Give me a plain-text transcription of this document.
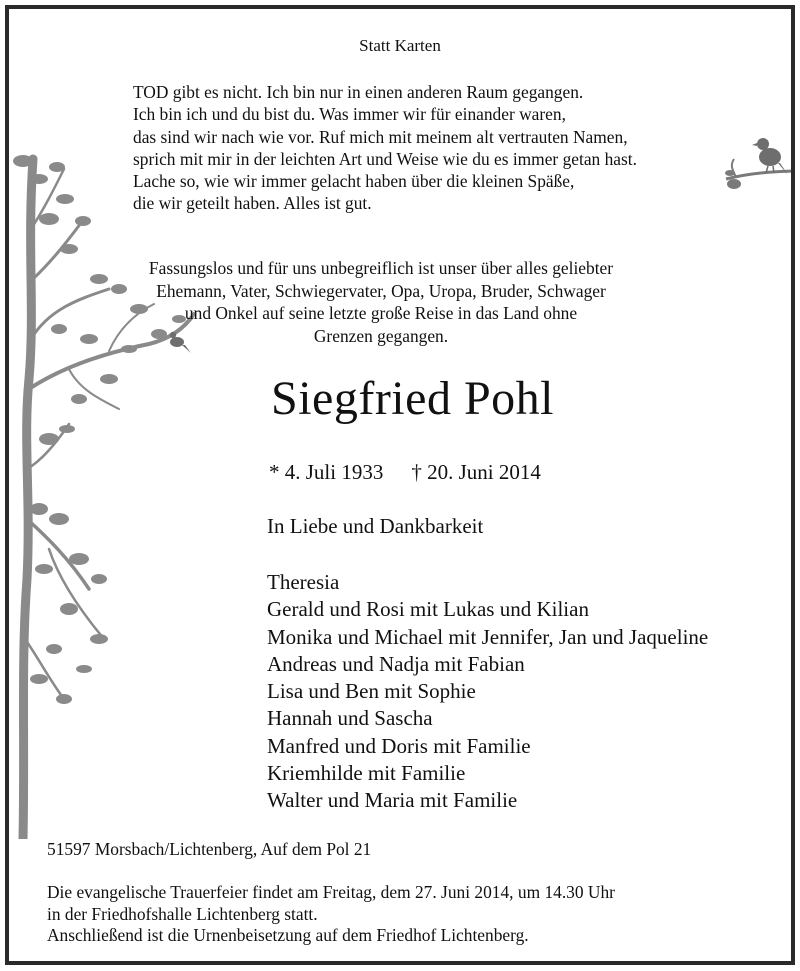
Statt Karten
TOD gibt es nicht. Ich bin nur in einen anderen Raum gegangen.
Ich bin ich und du bist du. Was immer wir für einander waren,
das sind wir nach wie vor. Ruf mich mit meinem alt vertrauten Namen,
sprich mit mir in der leichten Art und Weise wie du es immer getan hast.
Lache so, wie wir immer gelacht haben über die kleinen Späße,
die wir geteilt haben. Alles ist gut.
Fassungslos und für uns unbegreiflich ist unser über alles geliebter
Ehemann, Vater, Schwiegervater, Opa, Uropa, Bruder, Schwager
und Onkel auf seine letzte große Reise in das Land ohne
Grenzen gegangen.
Siegfried Pohl
* 4. Juli 1933 † 20. Juni 2014
In Liebe und Dankbarkeit
Theresia
Gerald und Rosi mit Lukas und Kilian
Monika und Michael mit Jennifer, Jan und Jaqueline
Andreas und Nadja mit Fabian
Lisa und Ben mit Sophie
Hannah und Sascha
Manfred und Doris mit Familie
Kriemhilde mit Familie
Walter und Maria mit Familie
51597 Morsbach/Lichtenberg, Auf dem Pol 21
Die evangelische Trauerfeier findet am Freitag, dem 27. Juni 2014, um 14.30 Uhr
in der Friedhofshalle Lichtenberg statt.
Anschließend ist die Urnenbeisetzung auf dem Friedhof Lichtenberg.
